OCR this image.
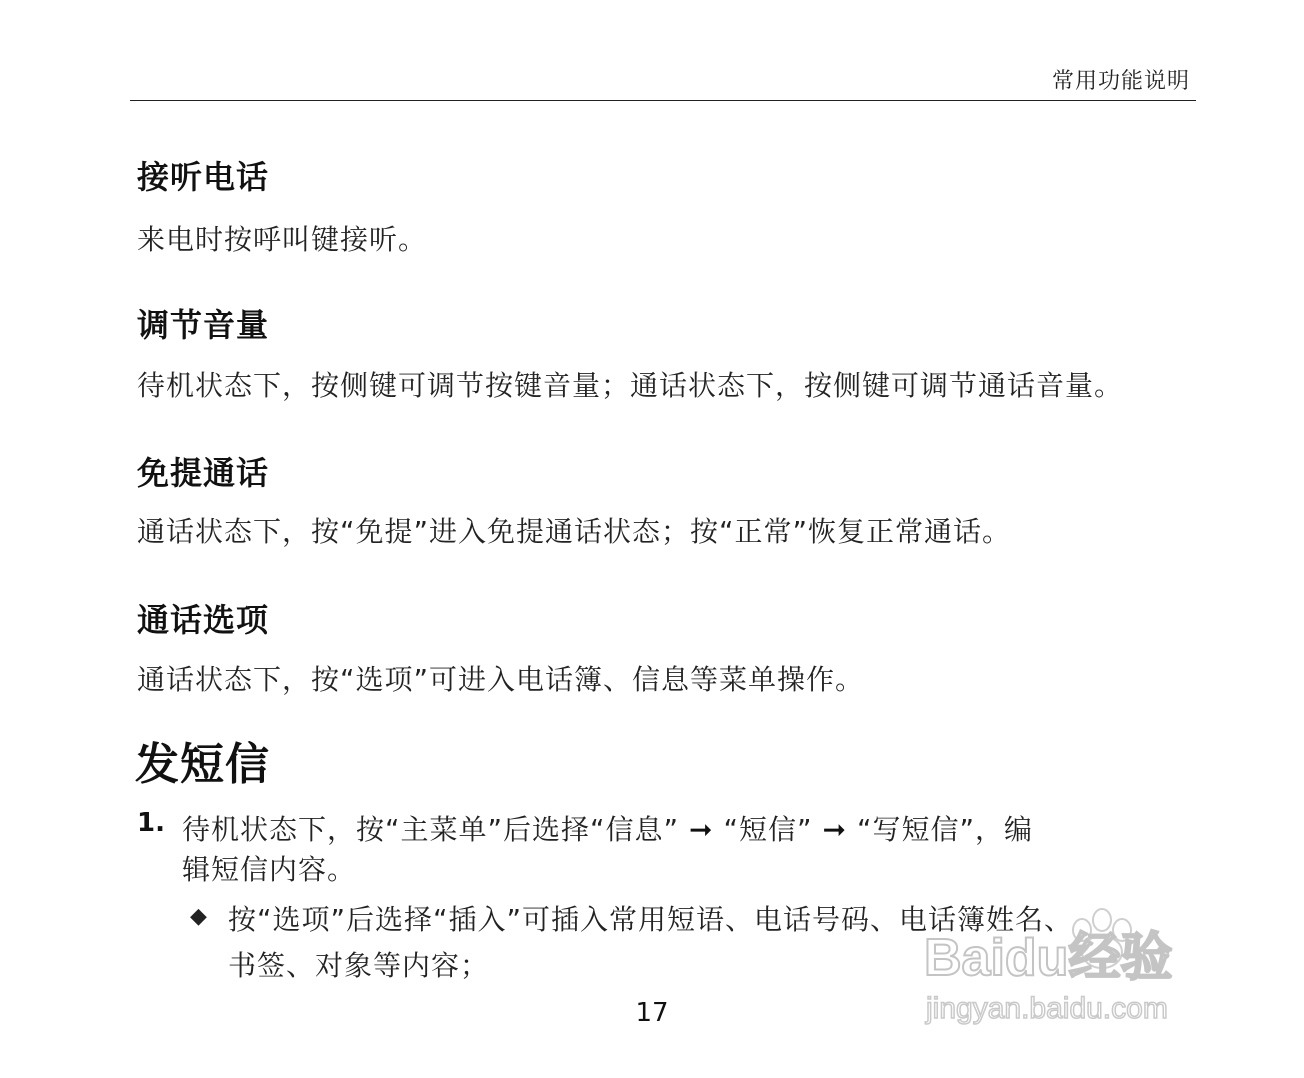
常用功能说明
接听电话
来电时按呼叫键接听。
调节音量
待机状态下，按侧键可调节按键音量；通话状态下，按侧键可调节通话音量。
免提通话
通话状态下，按“免提”进入免提通话状态；按“正常”恢复正常通话。
通话选项
通话状态下，按“选项”可进入电话簿、信息等菜单操作。
发短信
1. 待机状态下，按“主菜单”后选择“信息” ➞ “短信” ➞ “写短信”，编
辑短信内容。
◆ 按“选项”后选择“插入”可插入常用短语、电话号码、电话簿姓名、
书签、对象等内容；
17
Baidu经验
jingyan.baidu.com
